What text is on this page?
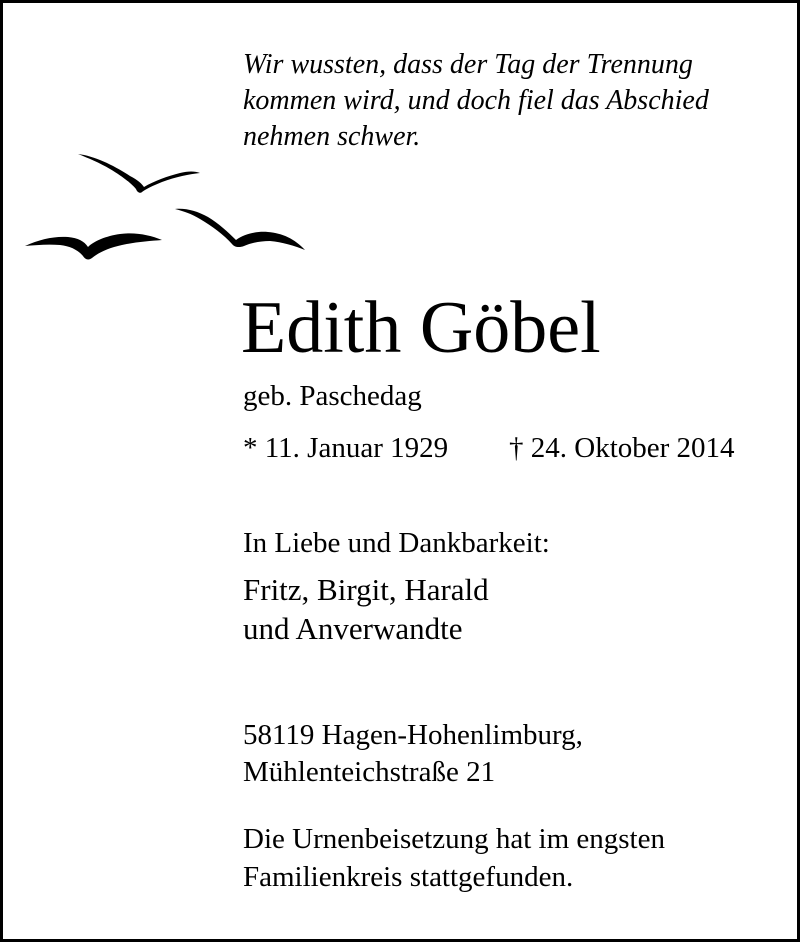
Wir wussten, dass der Tag der Trennung
kommen wird, und doch fiel das Abschied
nehmen schwer.
Edith Göbel
geb. Paschedag
* 11. Januar 1929 † 24. Oktober 2014
In Liebe und Dankbarkeit:
Fritz, Birgit, Harald
und Anverwandte
58119 Hagen-Hohenlimburg,
Mühlenteichstraße 21
Die Urnenbeisetzung hat im engsten
Familienkreis stattgefunden.
